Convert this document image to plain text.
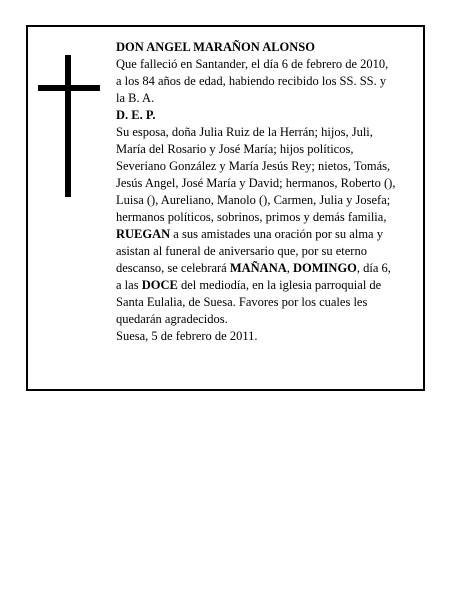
DON ANGEL MARAÑON ALONSO

Que falleció en Santander, el día 6 de febrero de 2010,

a los 84 años de edad, habiendo recibido los SS. SS. y

la B. A.

D. E. P.

Su esposa, doña Julia Ruiz de la Herrán; hijos, Juli,

María del Rosario y José María; hijos políticos,

Severiano González y María Jesús Rey; nietos, Tomás,

Jesús Angel, José María y David; hermanos, Roberto (),

Luisa (), Aureliano, Manolo (), Carmen, Julia y Josefa;

hermanos políticos, sobrinos, primos y demás familia,

RUEGAN a sus amistades una oración por su alma y

asistan al funeral de aniversario que, por su eterno

descanso, se celebrará MAÑANA, DOMINGO, día 6,

a las DOCE del mediodía, en la iglesia parroquial de

Santa Eulalia, de Suesa. Favores por los cuales les

quedarán agradecidos.

Suesa, 5 de febrero de 2011.
